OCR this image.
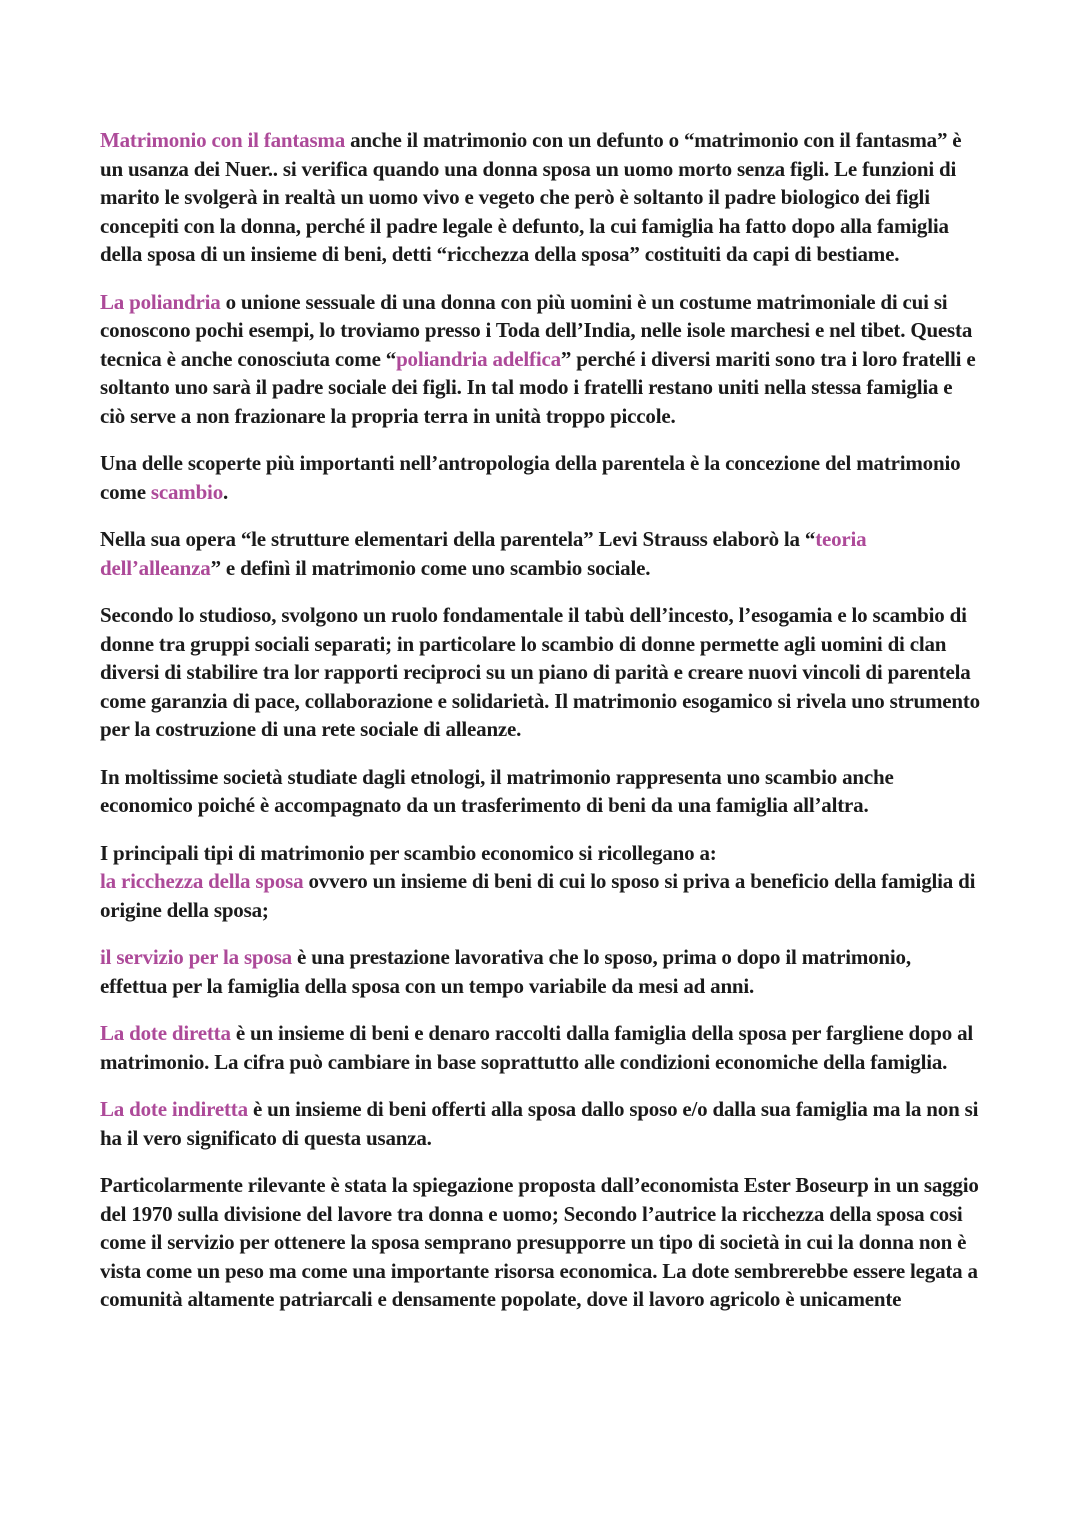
Matrimonio con il fantasma anche il matrimonio con un defunto o “matrimonio con il fantasma” è un usanza dei Nuer.. si verifica quando una donna sposa un uomo morto senza figli. Le funzioni di marito le svolgerà in realtà un uomo vivo e vegeto che però è soltanto il padre biologico dei figli concepiti con la donna, perché il padre legale è defunto, la cui famiglia ha fatto dopo alla famiglia della sposa di un insieme di beni, detti “ricchezza della sposa” costituiti da capi di bestiame.

La poliandria o unione sessuale di una donna con più uomini è un costume matrimoniale di cui si conoscono pochi esempi, lo troviamo presso i Toda dell’India, nelle isole marchesi e nel tibet. Questa tecnica è anche conosciuta come “poliandria adelfica” perché i diversi mariti sono tra i loro fratelli e soltanto uno sarà il padre sociale dei figli. In tal modo i fratelli restano uniti nella stessa famiglia e ciò serve a non frazionare la propria terra in unità troppo piccole.

Una delle scoperte più importanti nell’antropologia della parentela è la concezione del matrimonio come scambio.

Nella sua opera “le strutture elementari della parentela” Levi Strauss elaborò la “teoria dell’alleanza” e definì il matrimonio come uno scambio sociale.

Secondo lo studioso, svolgono un ruolo fondamentale il tabù dell’incesto, l’esogamia e lo scambio di donne tra gruppi sociali separati; in particolare lo scambio di donne permette agli uomini di clan diversi di stabilire tra lor rapporti reciproci su un piano di parità e creare nuovi vincoli di parentela come garanzia di pace, collaborazione e solidarietà. Il matrimonio esogamico si rivela uno strumento per la costruzione di una rete sociale di alleanze.

In moltissime società studiate dagli etnologi, il matrimonio rappresenta uno scambio anche economico poiché è accompagnato da un trasferimento di beni da una famiglia all’altra.

I principali tipi di matrimonio per scambio economico si ricollegano a:
la ricchezza della sposa ovvero un insieme di beni di cui lo sposo si priva a beneficio della famiglia di origine della sposa;

il servizio per la sposa è una prestazione lavorativa che lo sposo, prima o dopo il matrimonio, effettua per la famiglia della sposa con un tempo variabile da mesi ad anni.

La dote diretta è un insieme di beni e denaro raccolti dalla famiglia della sposa per fargliene dopo al matrimonio. La cifra può cambiare in base soprattutto alle condizioni economiche della famiglia.

La dote indiretta è un insieme di beni offerti alla sposa dallo sposo e/o dalla sua famiglia ma la non si ha il vero significato di questa usanza.

Particolarmente rilevante è stata la spiegazione proposta dall’economista Ester Boseurp in un saggio del 1970 sulla divisione del lavore tra donna e uomo; Secondo l’autrice la ricchezza della sposa cosi come il servizio per ottenere la sposa semprano presupporre un tipo di società in cui la donna non è vista come un peso ma come una importante risorsa economica. La dote sembrerebbe essere legata a comunità altamente patriarcali e densamente popolate, dove il lavoro agricolo è unicamente
